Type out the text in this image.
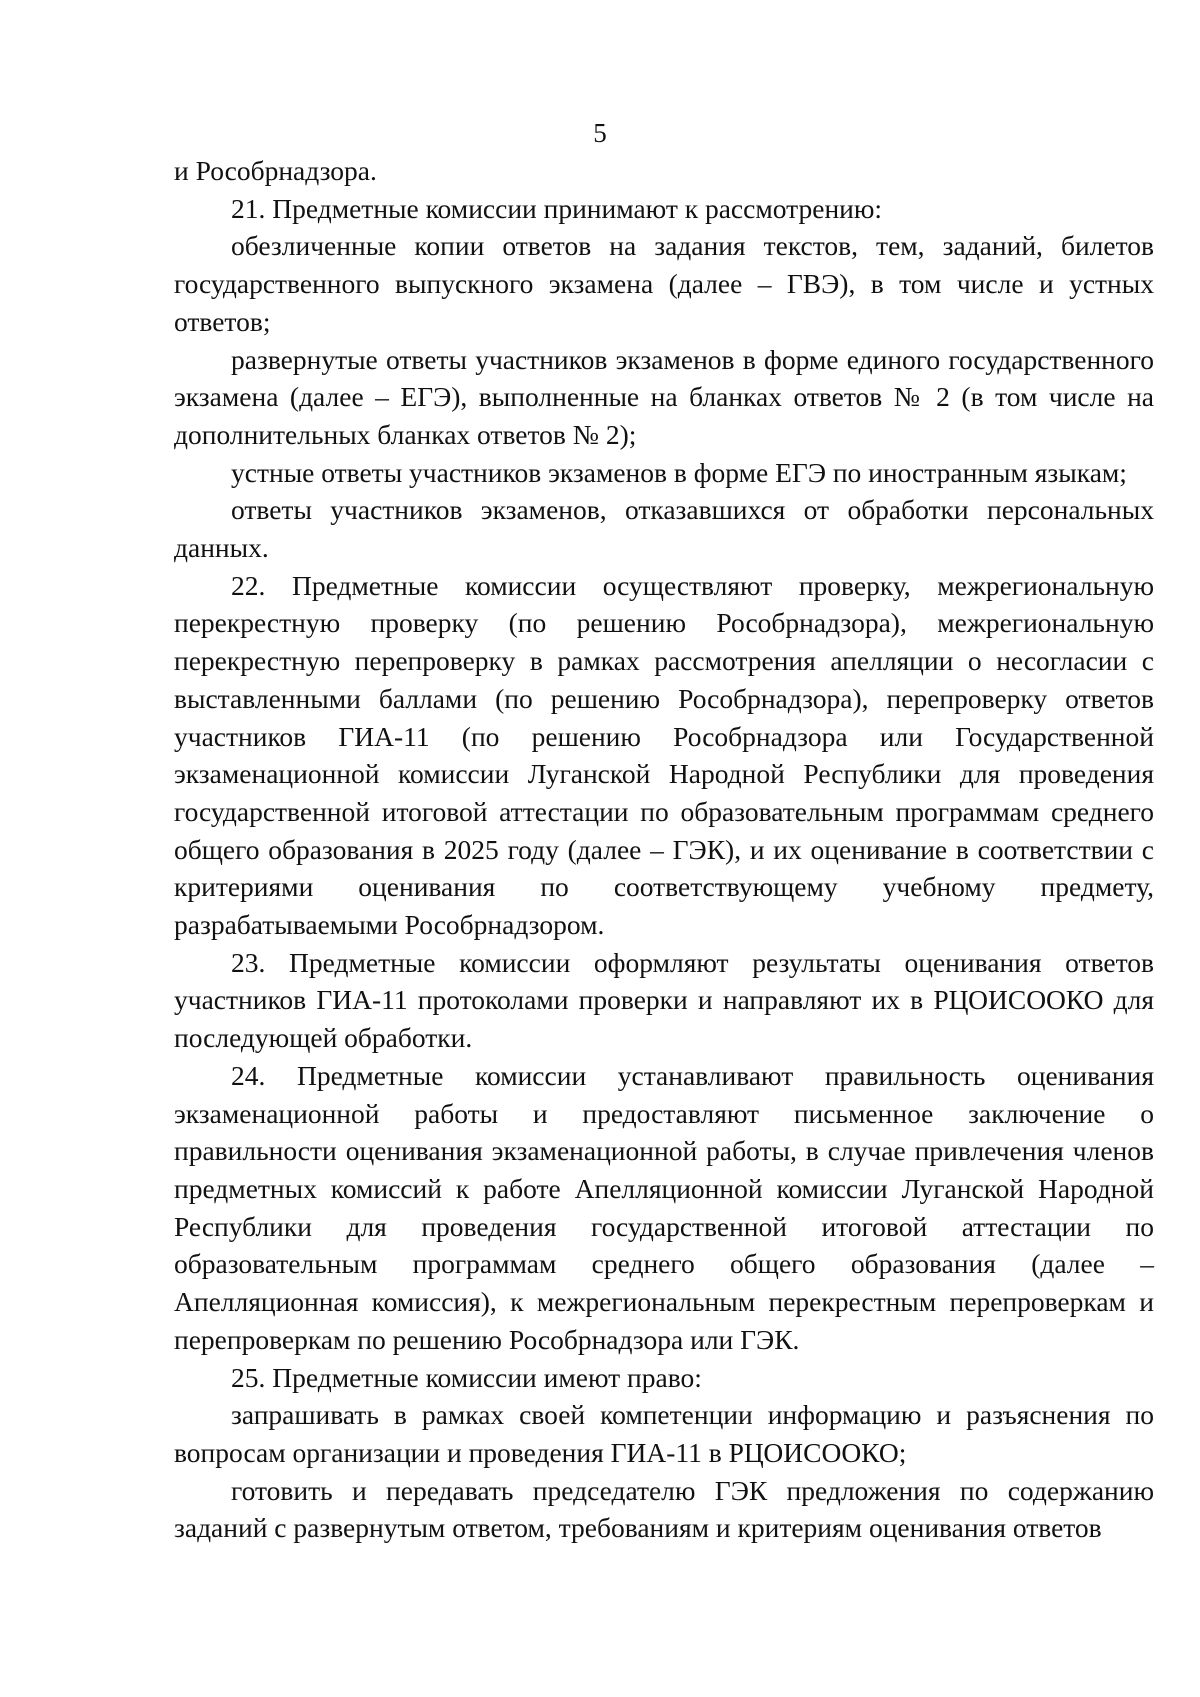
5

и Рособрнадзора.

21. Предметные комиссии принимают к рассмотрению:

обезличенные копии ответов на задания текстов, тем, заданий, билетов государственного выпускного экзамена (далее – ГВЭ), в том числе и устных ответов;

развернутые ответы участников экзаменов в форме единого государственного экзамена (далее – ЕГЭ), выполненные на бланках ответов № 2 (в том числе на дополнительных бланках ответов № 2);

устные ответы участников экзаменов в форме ЕГЭ по иностранным языкам;

ответы участников экзаменов, отказавшихся от обработки персональных данных.

22. Предметные комиссии осуществляют проверку, межрегиональную перекрестную проверку (по решению Рособрнадзора), межрегиональную перекрестную перепроверку в рамках рассмотрения апелляции о несогласии с выставленными баллами (по решению Рособрнадзора), перепроверку ответов участников ГИА-11 (по решению Рособрнадзора или Государственной экзаменационной комиссии Луганской Народной Республики для проведения государственной итоговой аттестации по образовательным программам среднего общего образования в 2025 году (далее – ГЭК), и их оценивание в соответствии с критериями оценивания по соответствующему учебному предмету, разрабатываемыми Рособрнадзором.

23. Предметные комиссии оформляют результаты оценивания ответов участников ГИА-11 протоколами проверки и направляют их в РЦОИСООКО для последующей обработки.

24. Предметные комиссии устанавливают правильность оценивания экзаменационной работы и предоставляют письменное заключение о правильности оценивания экзаменационной работы, в случае привлечения членов предметных комиссий к работе Апелляционной комиссии Луганской Народной Республики для проведения государственной итоговой аттестации по образовательным программам среднего общего образования (далее – Апелляционная комиссия), к межрегиональным перекрестным перепроверкам и перепроверкам по решению Рособрнадзора или ГЭК.

25. Предметные комиссии имеют право:

запрашивать в рамках своей компетенции информацию и разъяснения по вопросам организации и проведения ГИА-11 в РЦОИСООКО;

готовить и передавать председателю ГЭК предложения по содержанию заданий с развернутым ответом, требованиям и критериям оценивания ответов
